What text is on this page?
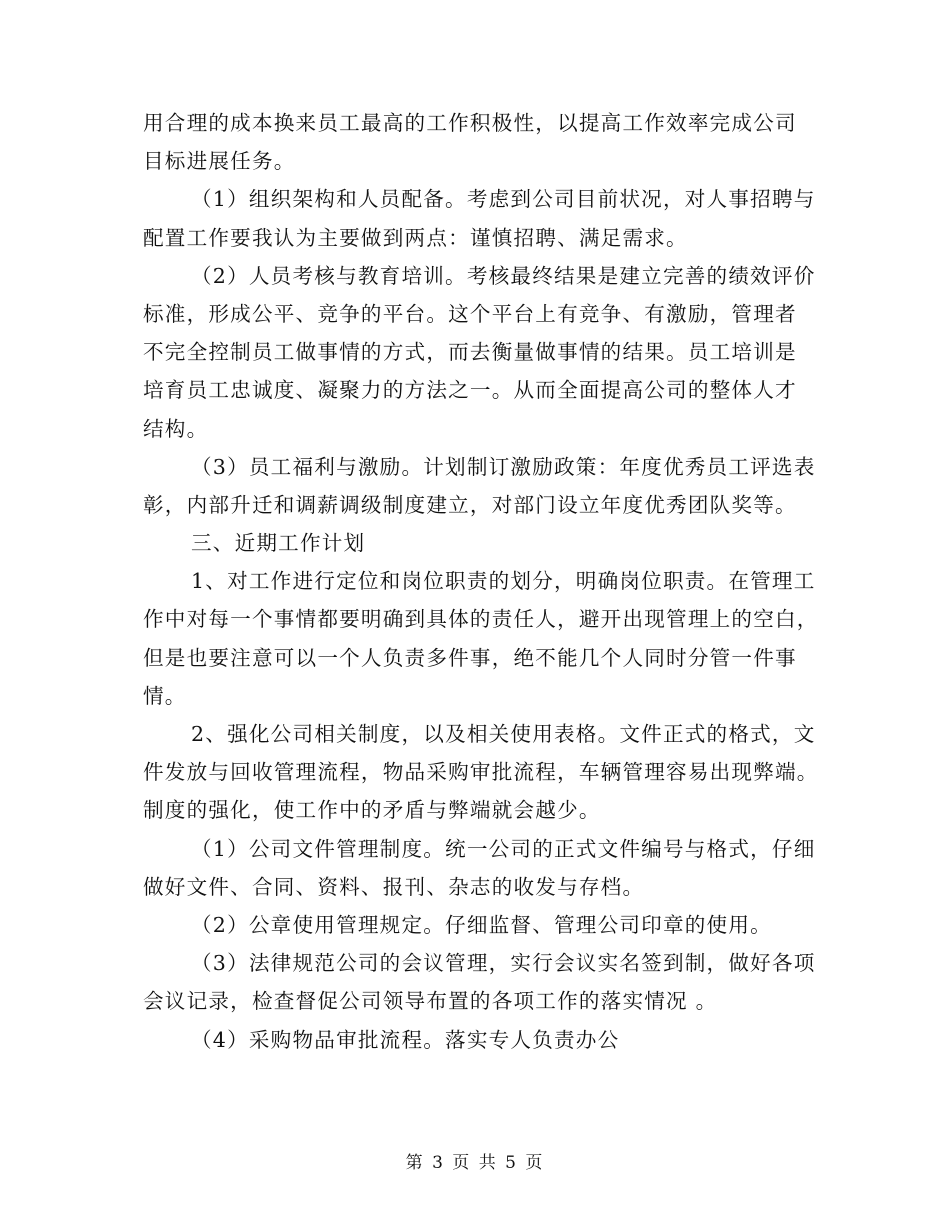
用合理的成本换来员工最高的工作积极性，以提高工作效率完成公司
目标进展任务。
（1）组织架构和人员配备。考虑到公司目前状况，对人事招聘与
配置工作要我认为主要做到两点：谨慎招聘、满足需求。
（2）人员考核与教育培训。考核最终结果是建立完善的绩效评价
标准，形成公平、竞争的平台。这个平台上有竞争、有激励，管理者
不完全控制员工做事情的方式，而去衡量做事情的结果。员工培训是
培育员工忠诚度、凝聚力的方法之一。从而全面提高公司的整体人才
结构。
（3）员工福利与激励。计划制订激励政策：年度优秀员工评选表
彰，内部升迁和调薪调级制度建立，对部门设立年度优秀团队奖等。
三、近期工作计划
1、对工作进行定位和岗位职责的划分，明确岗位职责。在管理工
作中对每一个事情都要明确到具体的责任人，避开出现管理上的空白，
但是也要注意可以一个人负责多件事，绝不能几个人同时分管一件事
情。
2、强化公司相关制度，以及相关使用表格。文件正式的格式，文
件发放与回收管理流程，物品采购审批流程，车辆管理容易出现弊端。
制度的强化，使工作中的矛盾与弊端就会越少。
（1）公司文件管理制度。统一公司的正式文件编号与格式，仔细
做好文件、合同、资料、报刊、杂志的收发与存档。
（2）公章使用管理规定。仔细监督、管理公司印章的使用。
（3）法律规范公司的会议管理，实行会议实名签到制，做好各项
会议记录，检查督促公司领导布置的各项工作的落实情况 。
（4）采购物品审批流程。落实专人负责办公
第 3 页 共 5 页
